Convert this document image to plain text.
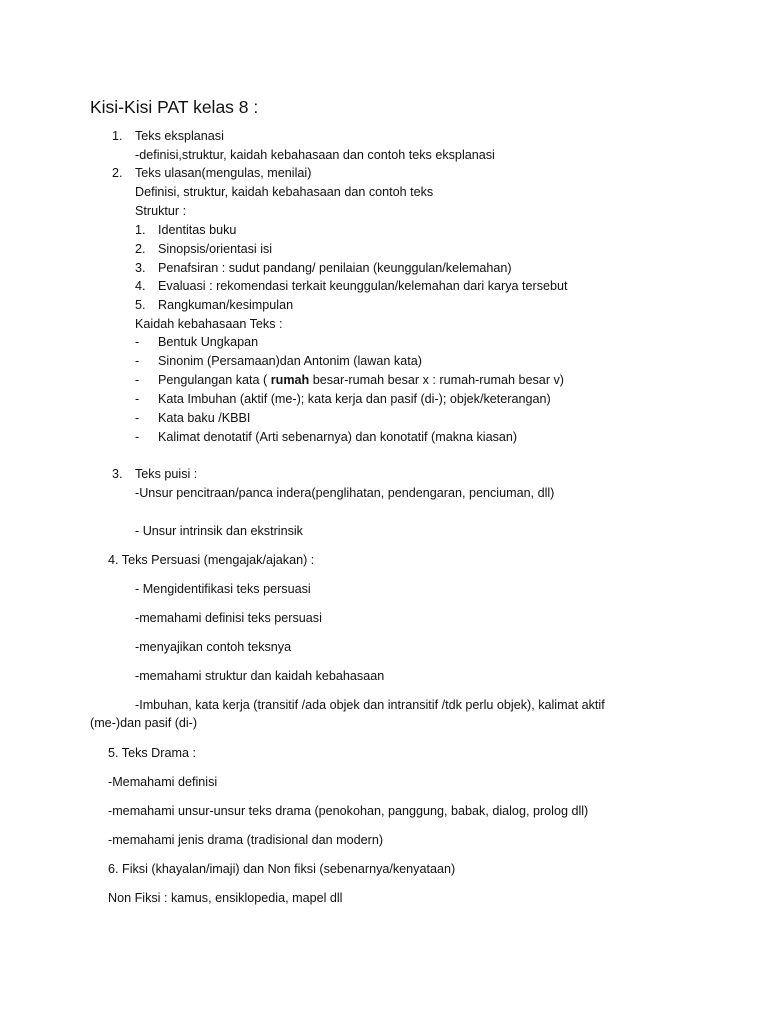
Kisi-Kisi PAT kelas 8 :
1. Teks eksplanasi
-definisi,struktur, kaidah kebahasaan dan contoh teks eksplanasi
2. Teks ulasan(mengulas, menilai)
Definisi, struktur, kaidah kebahasaan dan contoh teks
Struktur :
1. Identitas buku
2. Sinopsis/orientasi isi
3. Penafsiran : sudut pandang/ penilaian (keunggulan/kelemahan)
4. Evaluasi : rekomendasi terkait keunggulan/kelemahan dari karya tersebut
5. Rangkuman/kesimpulan
Kaidah kebahasaan Teks :
- Bentuk Ungkapan
- Sinonim (Persamaan)dan Antonim (lawan kata)
- Pengulangan kata ( rumah besar-rumah besar x : rumah-rumah besar v)
- Kata Imbuhan (aktif (me-); kata kerja dan pasif (di-); objek/keterangan)
- Kata baku /KBBI
- Kalimat denotatif (Arti sebenarnya) dan konotatif (makna kiasan)
3. Teks puisi :
-Unsur pencitraan/panca indera(penglihatan, pendengaran, penciuman, dll)
- Unsur intrinsik dan ekstrinsik
4. Teks Persuasi (mengajak/ajakan) :
- Mengidentifikasi teks persuasi
-memahami definisi teks persuasi
-menyajikan contoh teksnya
-memahami struktur dan kaidah kebahasaan
-Imbuhan, kata kerja (transitif /ada objek dan intransitif /tdk perlu objek), kalimat aktif
(me-)dan pasif (di-)
5. Teks Drama :
-Memahami definisi
-memahami unsur-unsur teks drama (penokohan, panggung, babak, dialog, prolog dll)
-memahami jenis drama (tradisional dan modern)
6. Fiksi (khayalan/imaji) dan Non fiksi (sebenarnya/kenyataan)
Non Fiksi : kamus, ensiklopedia, mapel dll
